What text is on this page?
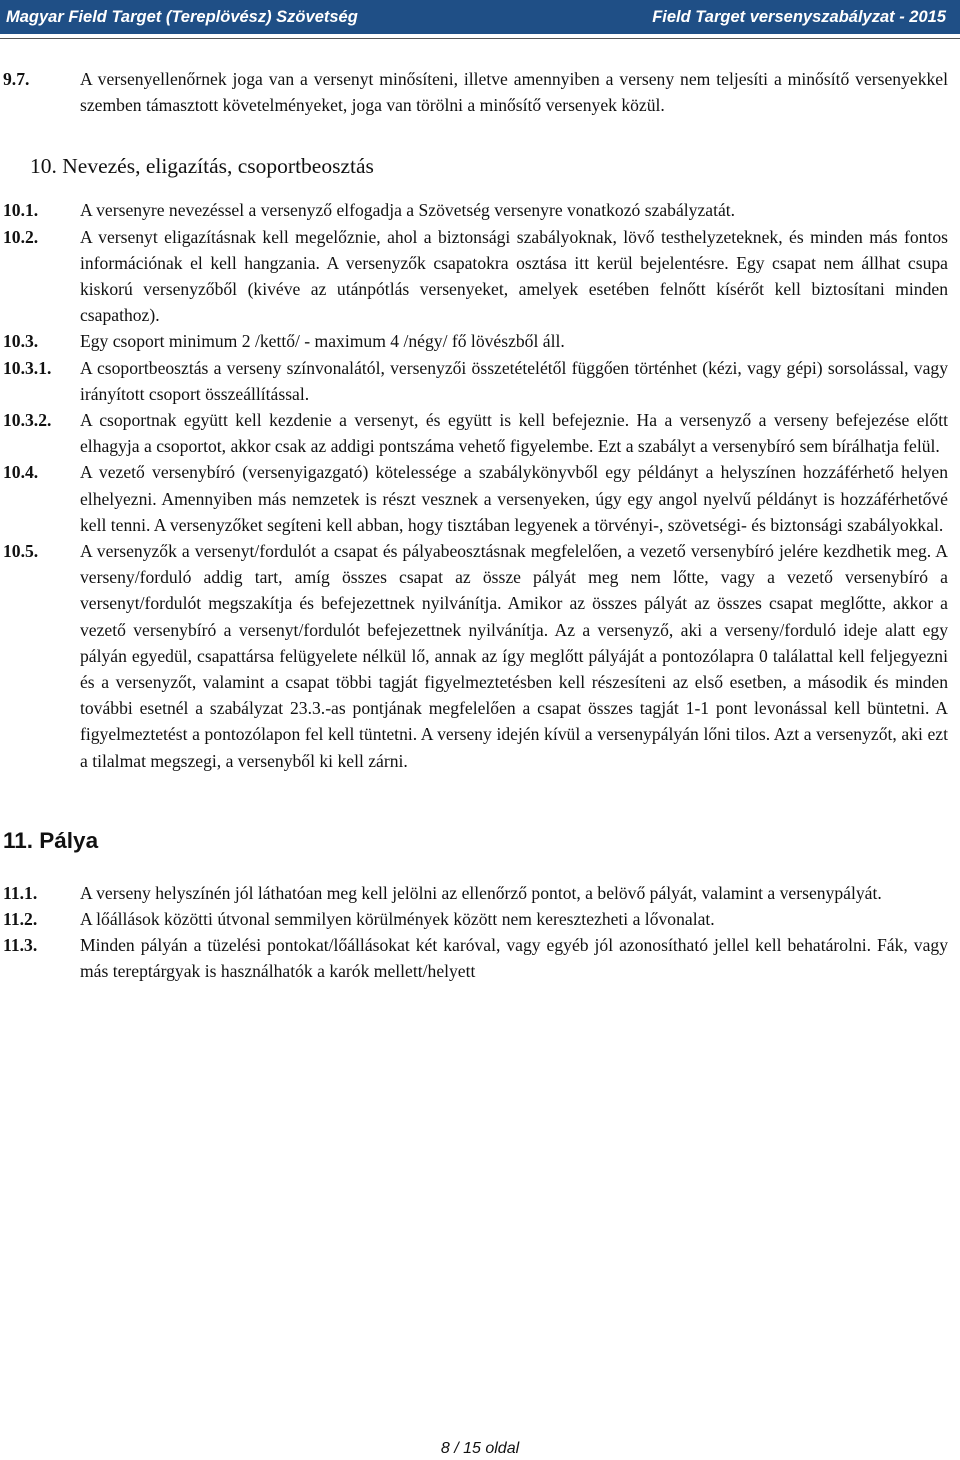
Magyar Field Target (Tereplövész) Szövetség	Field Target versenyszabályzat - 2015
9.7.	A versenyellenőrnek joga van a versenyt minősíteni, illetve amennyiben a verseny nem teljesíti a minősítő versenyekkel szemben támasztott követelményeket, joga van törölni a minősítő versenyek közül.
10. Nevezés, eligazítás, csoportbeosztás
10.1. A versenyre nevezéssel a versenyző elfogadja a Szövetség versenyre vonatkozó szabályzatát.
10.2. A versenyt eligazításnak kell megelőznie, ahol a biztonsági szabályoknak, lövő testhelyzeteknek, és minden más fontos információnak el kell hangzania. A versenyzők csapatokra osztása itt kerül bejelentésre. Egy csapat nem állhat csupa kiskorú versenyzőből (kivéve az utánpótlás versenyeket, amelyek esetében felnőtt kísérőt kell biztosítani minden csapathoz).
10.3. Egy csoport minimum 2 /kettő/ - maximum 4 /négy/ fő lövészből áll.
10.3.1. A csoportbeosztás a verseny színvonalától, versenyzői összetételétől függően történhet (kézi, vagy gépi) sorsolással, vagy irányított csoport összeállítással.
10.3.2. A csoportnak együtt kell kezdenie a versenyt, és együtt is kell befejeznie. Ha a versenyző a verseny befejezése előtt elhagyja a csoportot, akkor csak az addigi pontszáma vehető figyelembe. Ezt a szabályt a versenybíró sem bírálhatja felül.
10.4. A vezető versenybíró (versenyigazgató) kötelessége a szabálykönyvből egy példányt a helyszínen hozzáférhető helyen elhelyezni. Amennyiben más nemzetek is részt vesznek a versenyeken, úgy egy angol nyelvű példányt is hozzáférhetővé kell tenni. A versenyzőket segíteni kell abban, hogy tisztában legyenek a törvényi-, szövetségi- és biztonsági szabályokkal.
10.5. A versenyzők a versenyt/fordulót a csapat és pályabeosztásnak megfelelően, a vezető versenybíró jelére kezdhetik meg. A verseny/forduló addig tart, amíg összes csapat az össze pályát meg nem lőtte, vagy a vezető versenybíró a versenyt/fordulót megszakítja és befejezettnek nyilvánítja. Amikor az összes pályát az összes csapat meglőtte, akkor a vezető versenybíró a versenyt/fordulót befejezettnek nyilvánítja. Az a versenyző, aki a verseny/forduló ideje alatt egy pályán egyedül, csapattársa felügyelete nélkül lő, annak az így meglőtt pályáját a pontozólapra 0 találattal kell feljegyezni és a versenyzőt, valamint a csapat többi tagját figyelmeztetésben kell részesíteni az első esetben, a második és minden további esetnél a szabályzat 23.3.-as pontjának megfelelően a csapat összes tagját 1-1 pont levonással kell büntetni. A figyelmeztetést a pontozólapon fel kell tüntetni. A verseny idején kívül a versenypályán lőni tilos. Azt a versenyzőt, aki ezt a tilalmat megszegi, a versenyből ki kell zárni.
11. Pálya
11.1. A verseny helyszínén jól láthatóan meg kell jelölni az ellenőrző pontot, a belövő pályát, valamint a versenypályát.
11.2. A lőállások közötti útvonal semmilyen körülmények között nem keresztezheti a lővonalat.
11.3. Minden pályán a tüzelési pontokat/lőállásokat két karóval, vagy egyéb jól azonosítható jellel kell behatárolni. Fák, vagy más tereptárgyak is használhatók a karók mellett/helyett
8 / 15 oldal
